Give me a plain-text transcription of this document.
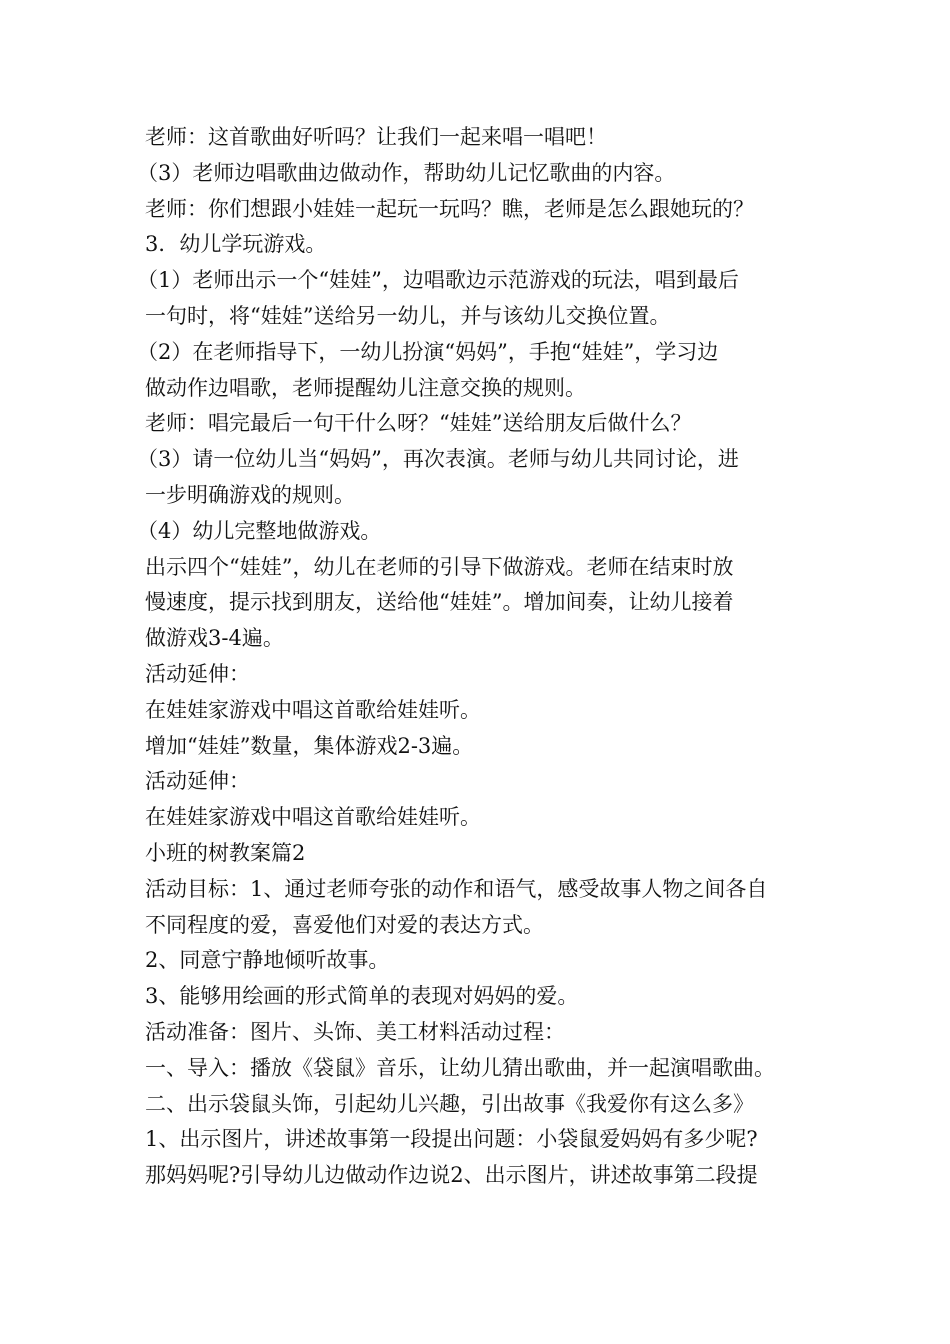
老师：这首歌曲好听吗？让我们一起来唱一唱吧！
（3）老师边唱歌曲边做动作，帮助幼儿记忆歌曲的内容。
老师：你们想跟小娃娃一起玩一玩吗？瞧，老师是怎么跟她玩的？
3．幼儿学玩游戏。
（1）老师出示一个“娃娃”，边唱歌边示范游戏的玩法，唱到最后
一句时，将“娃娃”送给另一幼儿，并与该幼儿交换位置。
（2）在老师指导下，一幼儿扮演“妈妈”，手抱“娃娃”，学习边
做动作边唱歌，老师提醒幼儿注意交换的规则。
老师：唱完最后一句干什么呀？“娃娃”送给朋友后做什么？
（3）请一位幼儿当“妈妈”，再次表演。老师与幼儿共同讨论，进
一步明确游戏的规则。
（4）幼儿完整地做游戏。
出示四个“娃娃”，幼儿在老师的引导下做游戏。老师在结束时放
慢速度，提示找到朋友，送给他“娃娃”。增加间奏，让幼儿接着
做游戏3-4遍。
活动延伸：
在娃娃家游戏中唱这首歌给娃娃听。
增加“娃娃”数量，集体游戏2-3遍。
活动延伸：
在娃娃家游戏中唱这首歌给娃娃听。
小班的树教案篇2
活动目标：1、通过老师夸张的动作和语气，感受故事人物之间各自
不同程度的爱，喜爱他们对爱的表达方式。
2、同意宁静地倾听故事。
3、能够用绘画的形式简单的表现对妈妈的爱。
活动准备：图片、头饰、美工材料活动过程：
一、导入：播放《袋鼠》音乐，让幼儿猜出歌曲，并一起演唱歌曲。
二、出示袋鼠头饰，引起幼儿兴趣，引出故事《我爱你有这么多》
1、出示图片，讲述故事第一段提出问题：小袋鼠爱妈妈有多少呢?
那妈妈呢?引导幼儿边做动作边说2、出示图片，讲述故事第二段提
